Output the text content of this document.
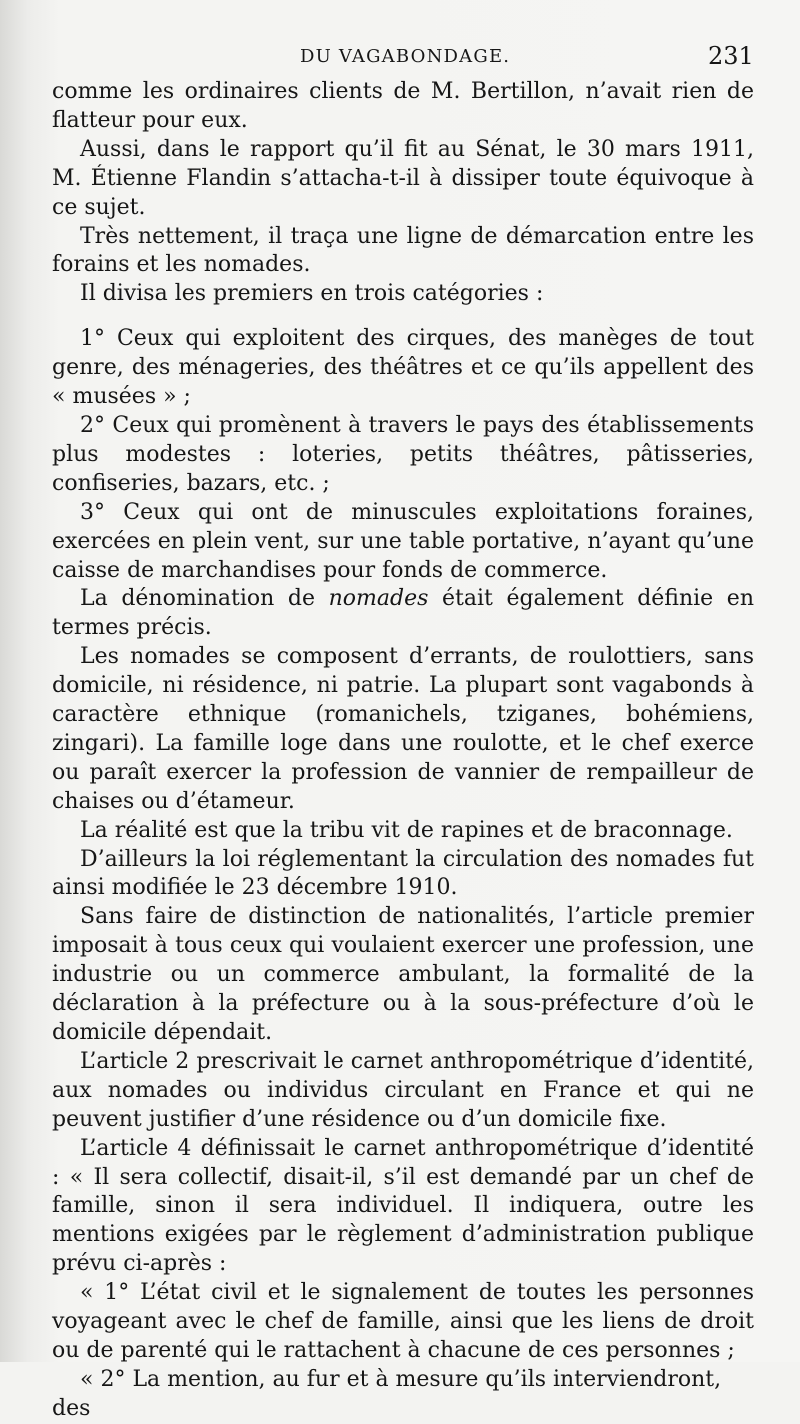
DU VAGABONDAGE.	231

comme les ordinaires clients de M. Bertillon, n’avait rien de flatteur pour eux.

Aussi, dans le rapport qu’il fit au Sénat, le 30 mars 1911, M. Étienne Flandin s’attacha-t-il à dissiper toute équivoque à ce sujet.

Très nettement, il traça une ligne de démarcation entre les forains et les nomades.

Il divisa les premiers en trois catégories :

1° Ceux qui exploitent des cirques, des manèges de tout genre, des ménageries, des théâtres et ce qu’ils appellent des « musées » ;

2° Ceux qui promènent à travers le pays des établissements plus modestes : loteries, petits théâtres, pâtisseries, confiseries, bazars, etc. ;

3° Ceux qui ont de minuscules exploitations foraines, exercées en plein vent, sur une table portative, n’ayant qu’une caisse de marchandises pour fonds de commerce.

La dénomination de nomades était également définie en termes précis.

Les nomades se composent d’errants, de roulottiers, sans domicile, ni résidence, ni patrie. La plupart sont vagabonds à caractère ethnique (romanichels, tziganes, bohémiens, zingari). La famille loge dans une roulotte, et le chef exerce ou paraît exercer la profession de vannier de rempailleur de chaises ou d’étameur.

La réalité est que la tribu vit de rapines et de braconnage.

D’ailleurs la loi réglementant la circulation des nomades fut ainsi modifiée le 23 décembre 1910.

Sans faire de distinction de nationalités, l’article premier imposait à tous ceux qui voulaient exercer une profession, une industrie ou un commerce ambulant, la formalité de la déclaration à la préfecture ou à la sous-préfecture d’où le domicile dépendait.

L’article 2 prescrivait le carnet anthropométrique d’identité, aux nomades ou individus circulant en France et qui ne peuvent justifier d’une résidence ou d’un domicile fixe.

L’article 4 définissait le carnet anthropométrique d’identité : « Il sera collectif, disait-il, s’il est demandé par un chef de famille, sinon il sera individuel. Il indiquera, outre les mentions exigées par le règlement d’administration publique prévu ci-après :

« 1° L’état civil et le signalement de toutes les personnes voyageant avec le chef de famille, ainsi que les liens de droit ou de parenté qui le rattachent à chacune de ces personnes ;

« 2° La mention, au fur et à mesure qu’ils interviendront, des
